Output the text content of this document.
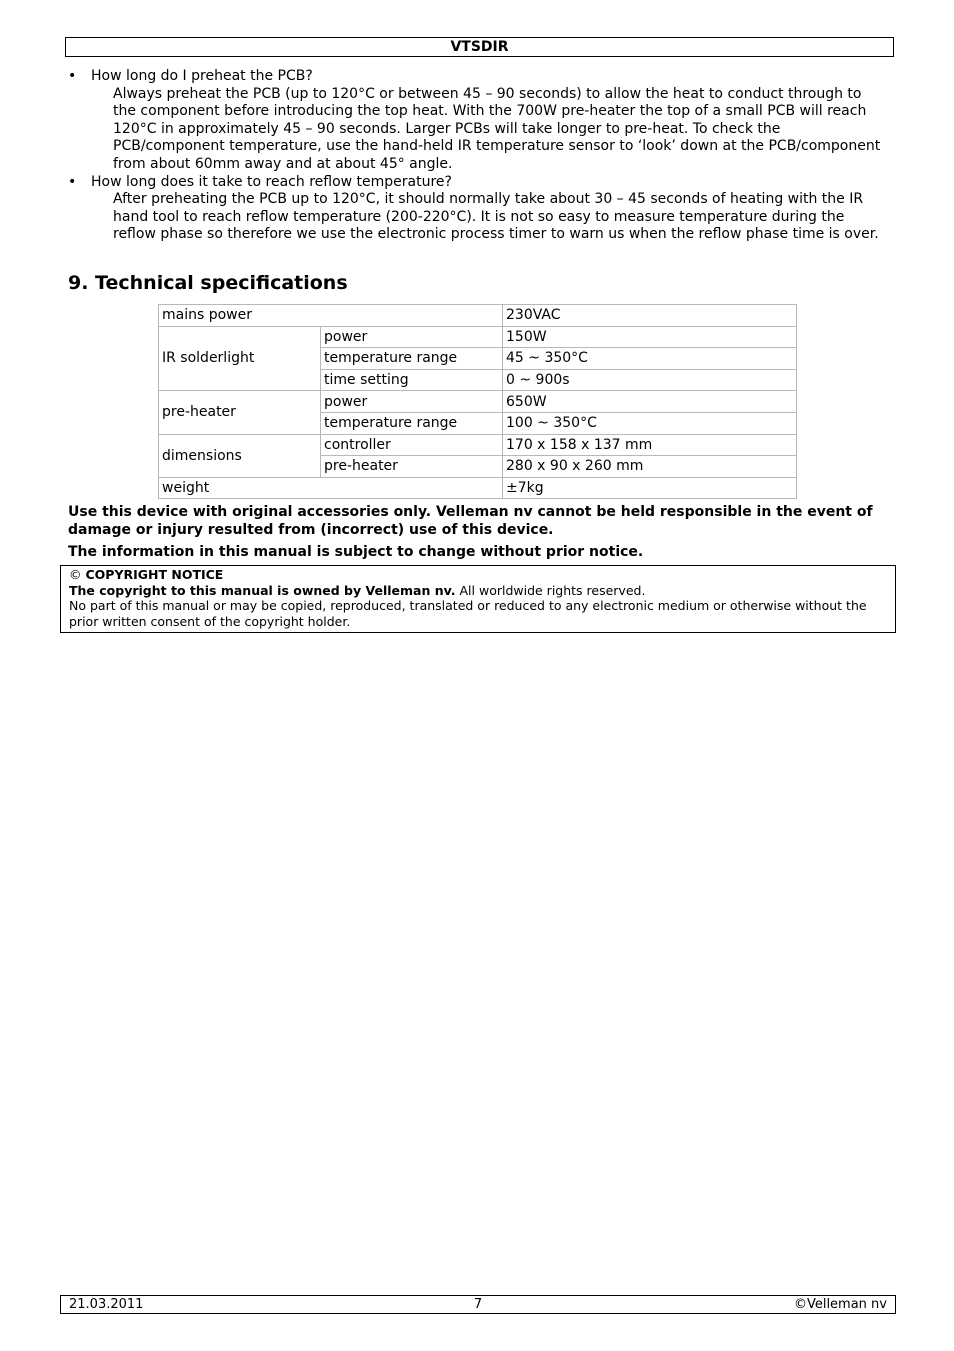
VTSDIR
• How long do I preheat the PCB?
Always preheat the PCB (up to 120°C or between 45 – 90 seconds) to allow the heat to conduct through to the component before introducing the top heat. With the 700W pre-heater the top of a small PCB will reach 120°C in approximately 45 – 90 seconds. Larger PCBs will take longer to pre-heat. To check the PCB/component temperature, use the hand-held IR temperature sensor to ‘look’ down at the PCB/component from about 60mm away and at about 45° angle.
• How long does it take to reach reflow temperature?
After preheating the PCB up to 120°C, it should normally take about 30 – 45 seconds of heating with the IR hand tool to reach reflow temperature (200-220°C). It is not so easy to measure temperature during the reflow phase so therefore we use the electronic process timer to warn us when the reflow phase time is over.
9. Technical specifications
mains power		230VAC
IR solderlight	power	150W
	temperature range	45 ~ 350°C
	time setting	0 ~ 900s
pre-heater	power	650W
	temperature range	100 ~ 350°C
dimensions	controller	170 x 158 x 137 mm
	pre-heater	280 x 90 x 260 mm
weight		±7kg

Use this device with original accessories only. Velleman nv cannot be held responsible in the event of damage or injury resulted from (incorrect) use of this device.

The information in this manual is subject to change without prior notice.

© COPYRIGHT NOTICE

The copyright to this manual is owned by Velleman nv. All worldwide rights reserved.

No part of this manual or may be copied, reproduced, translated or reduced to any electronic medium or otherwise without the prior written consent of the copyright holder.

21.03.2011	7	©Velleman nv
